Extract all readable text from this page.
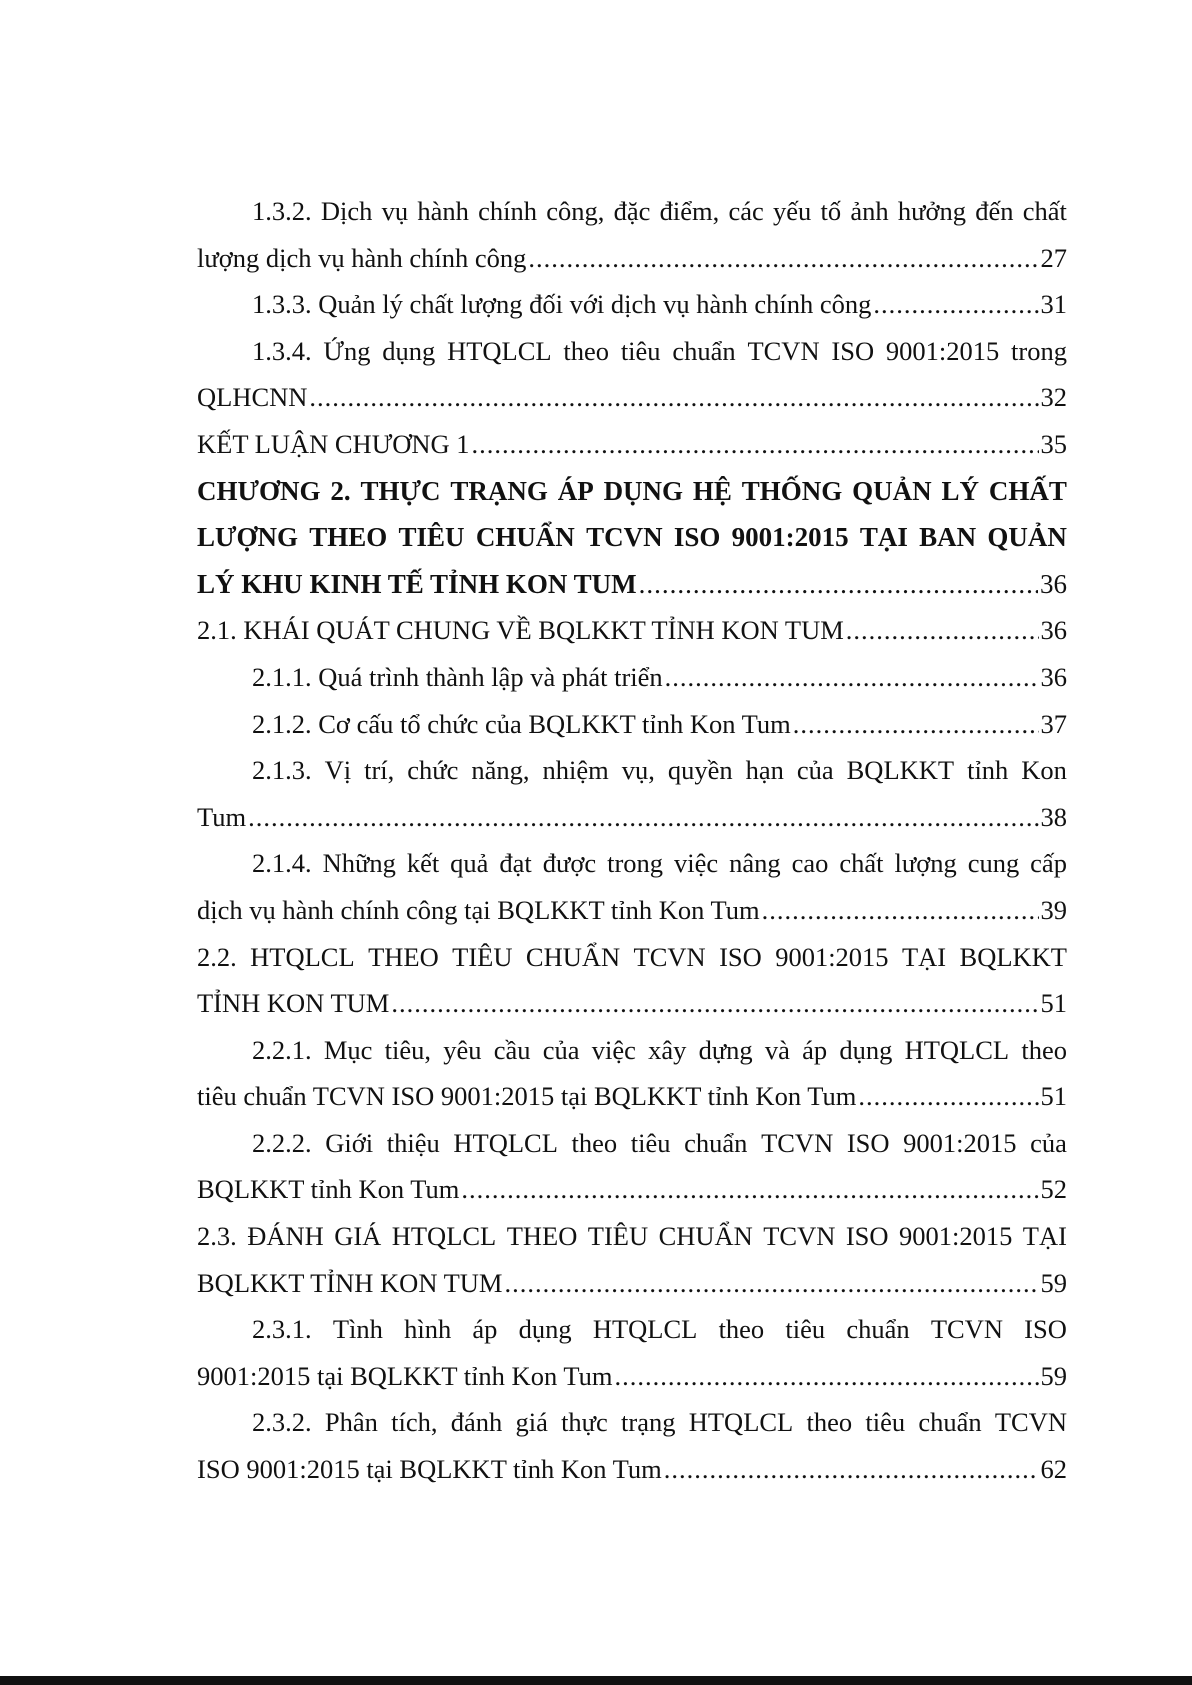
1.3.2. Dịch vụ hành chính công, đặc điểm, các yếu tố ảnh hưởng đến chất
lượng dịch vụ hành chính công .....	27
1.3.3. Quản lý chất lượng đối với dịch vụ hành chính công .....	31
1.3.4. Ứng dụng HTQLCL theo tiêu chuẩn TCVN ISO 9001:2015 trong
QLHCNN .....	32
KẾT LUẬN CHƯƠNG 1 .....	35
CHƯƠNG 2. THỰC TRẠNG ÁP DỤNG HỆ THỐNG QUẢN LÝ CHẤT
LƯỢNG THEO TIÊU CHUẨN TCVN ISO 9001:2015 TẠI BAN QUẢN
LÝ KHU KINH TẾ TỈNH KON TUM .....	36
2.1. KHÁI QUÁT CHUNG VỀ BQLKKT TỈNH KON TUM .....	36
2.1.1. Quá trình thành lập và phát triển .....	36
2.1.2. Cơ cấu tổ chức của BQLKKT tỉnh Kon Tum .....	37
2.1.3. Vị trí, chức năng, nhiệm vụ, quyền hạn của BQLKKT tỉnh Kon
Tum .....	38
2.1.4. Những kết quả đạt được trong việc nâng cao chất lượng cung cấp
dịch vụ hành chính công tại BQLKKT tỉnh Kon Tum .....	39
2.2. HTQLCL THEO TIÊU CHUẨN TCVN ISO 9001:2015 TẠI BQLKKT
TỈNH KON TUM .....	51
2.2.1. Mục tiêu, yêu cầu của việc xây dựng và áp dụng HTQLCL theo
tiêu chuẩn TCVN ISO 9001:2015 tại BQLKKT tỉnh Kon Tum .....	51
2.2.2. Giới thiệu HTQLCL theo tiêu chuẩn TCVN ISO 9001:2015 của
BQLKKT tỉnh Kon Tum .....	52
2.3. ĐÁNH GIÁ HTQLCL THEO TIÊU CHUẨN TCVN ISO 9001:2015 TẠI
BQLKKT TỈNH KON TUM .....	59
2.3.1. Tình hình áp dụng HTQLCL theo tiêu chuẩn TCVN ISO
9001:2015 tại BQLKKT tỉnh Kon Tum .....	59
2.3.2. Phân tích, đánh giá thực trạng HTQLCL theo tiêu chuẩn TCVN
ISO 9001:2015 tại BQLKKT tỉnh Kon Tum .....	62
